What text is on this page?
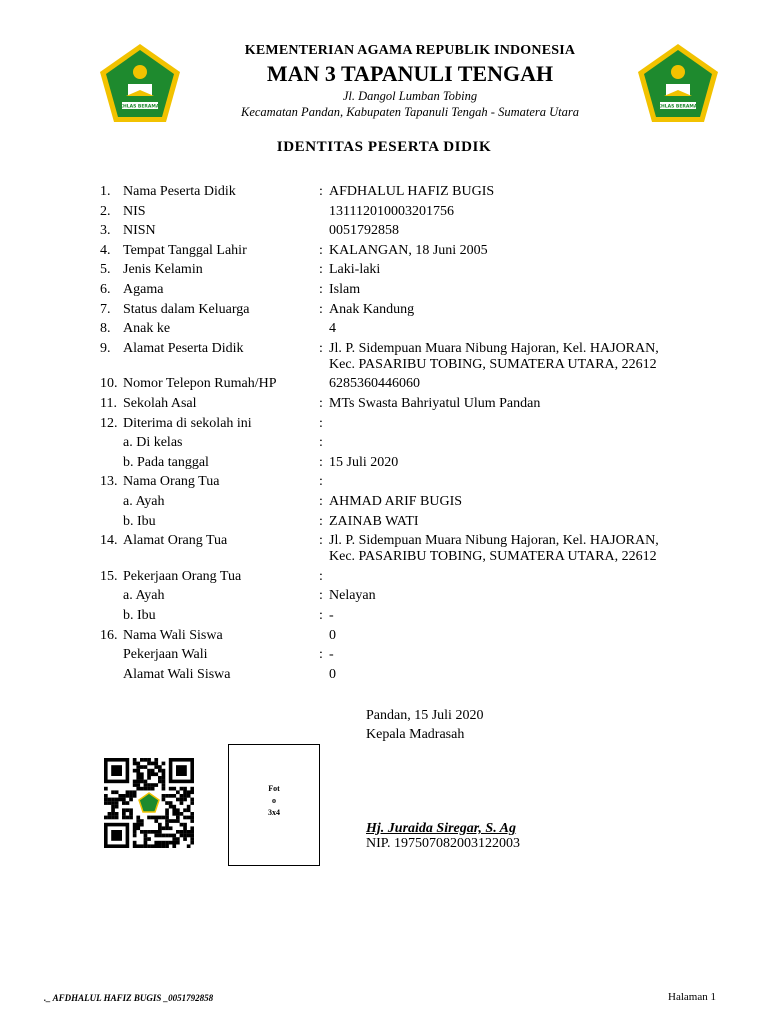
IKHLAS BERAMAL	IKHLAS BERAMAL
KEMENTERIAN AGAMA REPUBLIK INDONESIA
MAN 3 TAPANULI TENGAH
Jl. Dangol Lumban Tobing
Kecamatan Pandan, Kabupaten Tapanuli Tengah - Sumatera Utara
IDENTITAS PESERTA DIDIK
1. Nama Peserta Didik	: AFDHALUL HAFIZ BUGIS
2. NIS	131112010003201756
3. NISN	0051792858
4. Tempat Tanggal Lahir	: KALANGAN, 18 Juni 2005
5. Jenis Kelamin	: Laki-laki
6. Agama	: Islam
7. Status dalam Keluarga	: Anak Kandung
8. Anak ke	4
9. Alamat Peserta Didik	: Jl. P. Sidempuan Muara Nibung Hajoran, Kel. HAJORAN, Kec. PASARIBU TOBING, SUMATERA UTARA, 22612
10. Nomor Telepon Rumah/HP	6285360446060
11. Sekolah Asal	: MTs Swasta Bahriyatul Ulum Pandan
12. Diterima di sekolah ini	:
a. Di kelas	:
b. Pada tanggal	: 15 Juli 2020
13. Nama Orang Tua	:
a. Ayah	: AHMAD ARIF BUGIS
b. Ibu	: ZAINAB WATI
14. Alamat Orang Tua	: Jl. P. Sidempuan Muara Nibung Hajoran, Kel. HAJORAN, Kec. PASARIBU TOBING, SUMATERA UTARA, 22612
15. Pekerjaan Orang Tua	:
a. Ayah	: Nelayan
b. Ibu	: -
16. Nama Wali Siswa	0
Pekerjaan Wali	: -
Alamat Wali Siswa	0
Pandan, 15 Juli 2020
Kepala Madrasah
Fot
o
3x4
Hj. Juraida Siregar, S. Ag
NIP. 197507082003122003
._ AFDHALUL HAFIZ BUGIS _0051792858	Halaman 1
